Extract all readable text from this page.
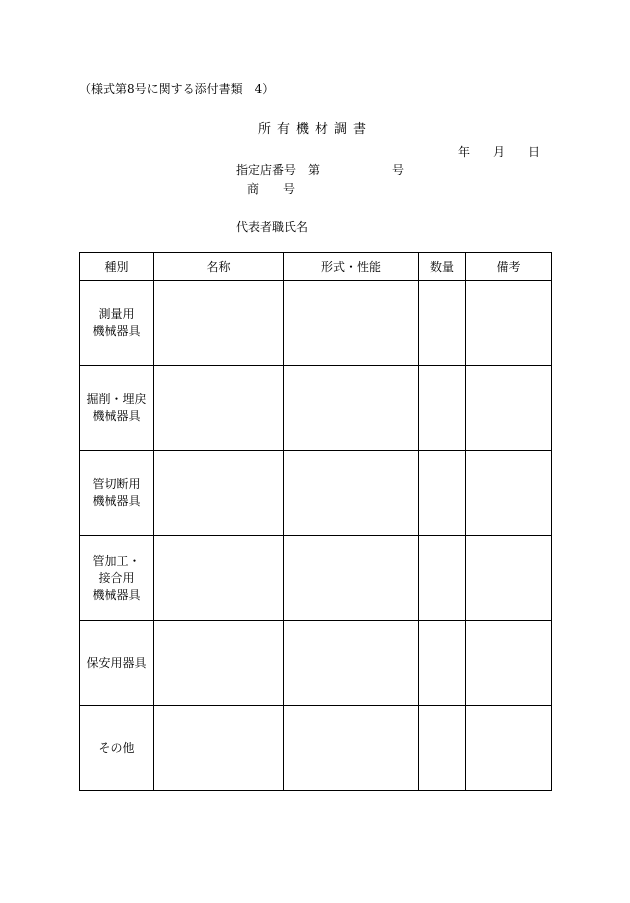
（様式第8号に関する添付書類　4）
所有機材調書
年 月 日
指定店番号 第	号
商 号
代表者職氏名
種別	名称	形式・性能	数量	備考

測量用
機械器具				

掘削・埋戻
機械器具				

管切断用
機械器具				

管加工・
接合用
機械器具				

保安用器具				

その他				
